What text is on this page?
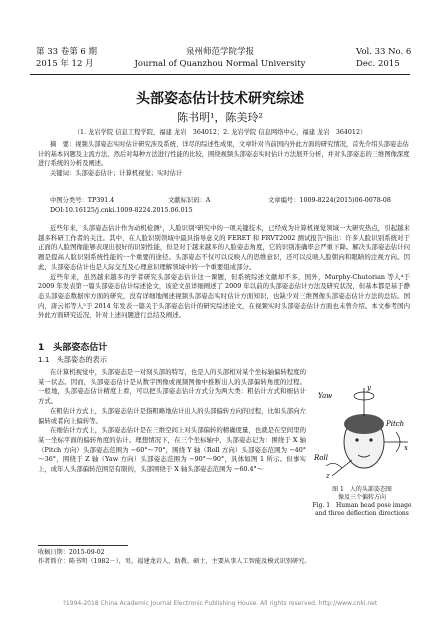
第 33 卷第 6 期
2015 年 12 月
泉州师范学院学报
Journal of Quanzhou Normal University
Vol. 33 No. 6
Dec. 2015
头部姿态估计技术研究综述
陈书明¹，陈美玲²
（1. 龙岩学院 信息工程学院，福建 龙岩　364012；2. 龙岩学院 信息网络中心，福建 龙岩　364012）

摘　要：视频头部姿态实时估计研究涉及系统、详尽的综述性成果，文章针对当前国内外此方面的研究情况，首先介绍头部姿态估计的基本问题及主流方法，然后对每种方法进行性能的比较，围绕视频头部姿态实时估计方法展开分析，并对头部姿态的三维图像深度进行系统的分析及阐述。

关键词：头部姿态估计；计算机视觉；实时估计

中图分类号：TP391.4	文献标识码：A	文章编号：1009-8224(2015)06-0078-08
DOI:10.16125/j.cnki.1009-8224.2015.06.015

近些年来，头部姿态估计作为动机检测¹，人脸识别²研究中的一项关键技术，已经成为计算机视觉领域一大研究热点，引起越来越多科研工作者的关注。其中，在人脸识别领域中最具指导意义的 FERET 和 FRVT2002 测试报告³指出：许多人脸识别系统对于正面的人脸图像能够表现出很好的识别性能，但是对于越来越多的人脸姿态角度，它的识别准确率会严重下降。解决头部姿态估计问题是提高人脸识别系统性能的一个重要的途径。头部姿态不仅可以反映人的思维意识，还可以反映人脸朝向和眼睛的注视方向。因此，头部姿态估计也是人际交互及心理意识理解领域中的一个重要组成部分。

近些年来，虽然越来越多的学者研究头部姿态估计这一课题，但系统综述文献却不多，国外，Murphy-Chutorian 等人⁴于 2009 年发表第一篇头部姿态估计综述论文，该论文虽详细阐述了 2009 年以前的头部姿态估计方法及研究状况，但基本都是基于静态头部姿态数据库方面的研究，没有详细地阐述视频头部姿态实时估计方面知识，也缺少对三维图像头部姿态估计方法的总结。国内，唐云祁等人⁵于 2014 年发表一篇关于头部姿态估计的研究综述论文，在视频实时头部姿态估计方面也未曾介绍。本文参考国内外此方面研究近况，针对上述问题进行总结及阐述。

1　头部姿态估计
1.1　头部姿态的表示

在计算机视觉中，头部姿态是一对刻头部的特写，也是人的头部相对某个坐标轴偏转程度的某一状态。因而，头部姿态估计是从数字图像或视频图像中推断出人的头部偏转角度的过程。一般地，头部姿态估计精度上看，可以把头部姿态估计方式分为两大类：粗估计方式和细估计方式。

在粗估计方式上，头部姿态估计是指粗略地估计出人的头部偏转方向的过程，比如头部向左偏转或者向上偏转等。

在细估计方式上，头部姿态估计是在三维空间上对头部偏转的精确度量，也就是在空间里的某一坐标平面的偏转角度的估计。理想情况下，在三个坐标轴中，头部姿态记为：围绕于 X 轴（Pitch 方向）头部姿态范围为 −60°～70°，围绕 Y 轴（Roll 方向）头部姿态范围为 −40°～36°，围绕于 Z 轴（Yaw 方向）头部姿态范围为 −90°～90°，具体如图 1 所示。但事实上，成年人头部偏转范围是有限的，头部围绕于 X 轴头部姿态范围为 −60.4°～

Yaw
y
Pitch
x
Roll
z
图 1　人的头部姿态图
像及三个偏转方向
Fig. 1　Human head pose image
and three deflection directions
收稿日期：2015-09-02
作者简介：陈书明（1982－），男，福建龙岩人，助教、硕士，主要从事人工智能及模式识别研究。
?1994-2018 China Academic Journal Electronic Publishing House. All rights reserved. http://www.cnki.net
